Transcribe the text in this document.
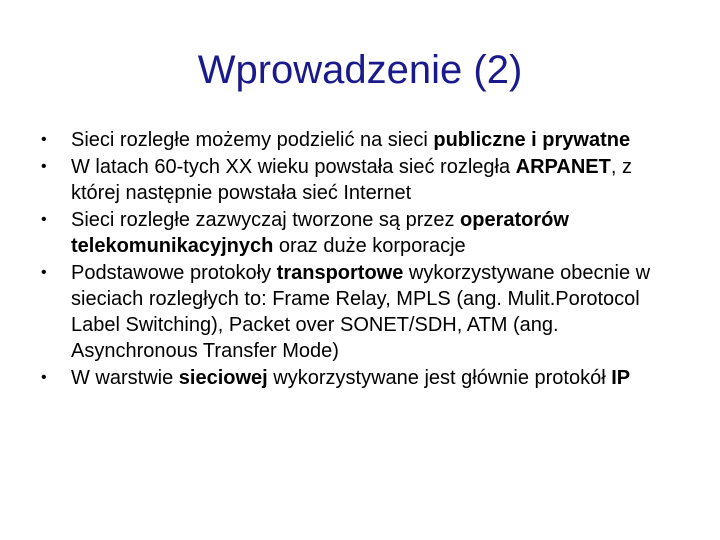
Wprowadzenie (2)
•	Sieci rozległe możemy podzielić na sieci publiczne i prywatne
•	W latach 60-tych XX wieku powstała sieć rozległa ARPANET, z której następnie powstała sieć Internet
•	Sieci rozległe zazwyczaj tworzone są przez operatorów telekomunikacyjnych oraz duże korporacje
•	Podstawowe protokoły transportowe wykorzystywane obecnie w sieciach rozległych to: Frame Relay, MPLS (ang. Mulit.Porotocol Label Switching), Packet over SONET/SDH, ATM (ang. Asynchronous Transfer Mode)
•	W warstwie sieciowej wykorzystywane jest głównie protokół IP
